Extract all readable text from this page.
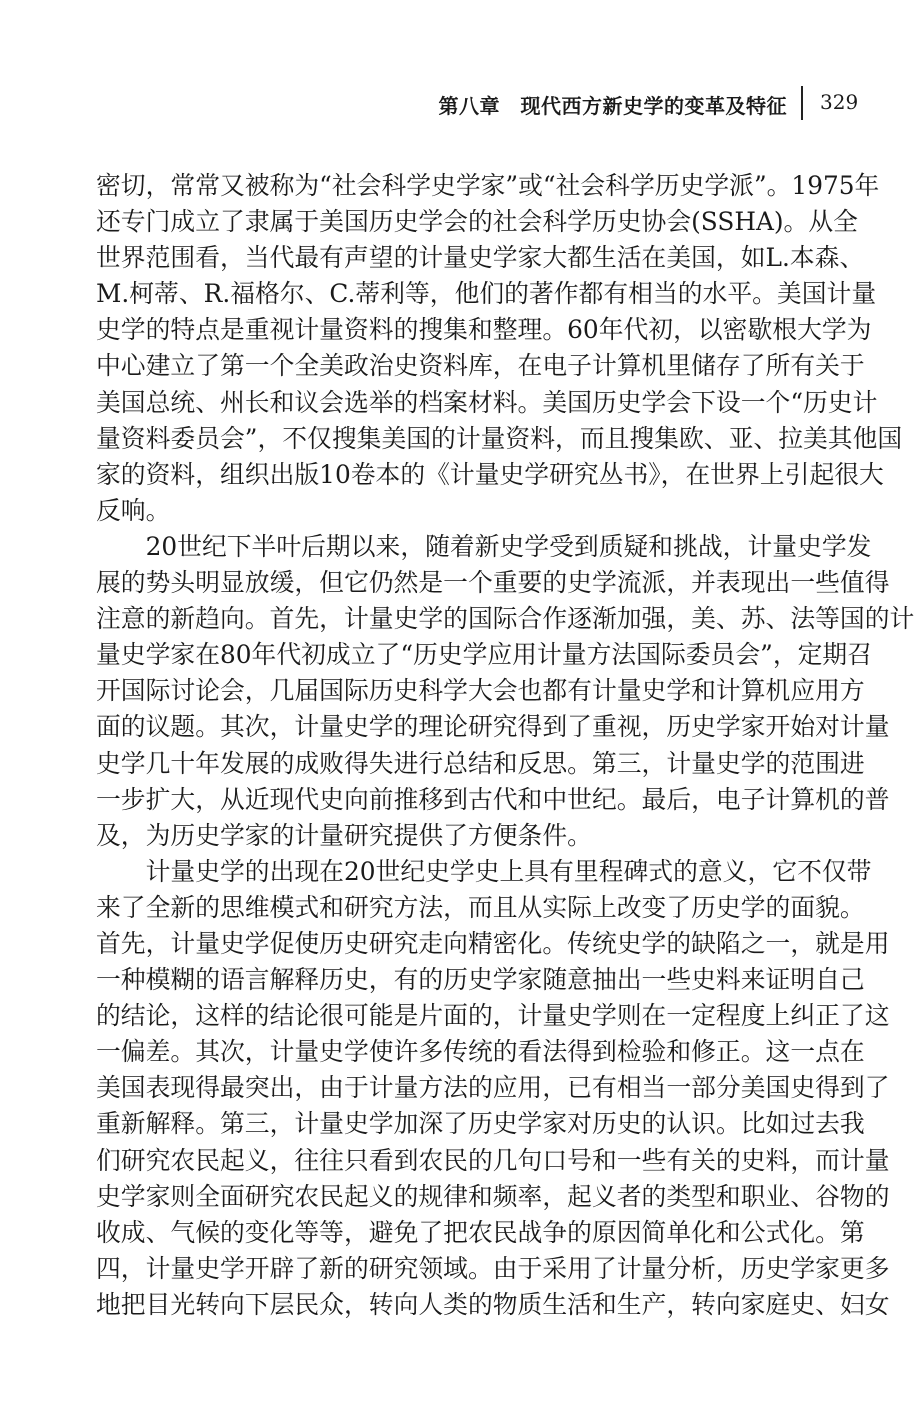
第八章　现代西方新史学的变革及特征 329
密切，常常又被称为“社会科学史学家”或“社会科学历史学派”。1975年
还专门成立了隶属于美国历史学会的社会科学历史协会(SSHA)。从全
世界范围看，当代最有声望的计量史学家大都生活在美国，如L.本森、
M.柯蒂、R.福格尔、C.蒂利等，他们的著作都有相当的水平。美国计量
史学的特点是重视计量资料的搜集和整理。60年代初，以密歇根大学为
中心建立了第一个全美政治史资料库，在电子计算机里储存了所有关于
美国总统、州长和议会选举的档案材料。美国历史学会下设一个“历史计
量资料委员会”，不仅搜集美国的计量资料，而且搜集欧、亚、拉美其他国
家的资料，组织出版10卷本的《计量史学研究丛书》，在世界上引起很大
反响。
20世纪下半叶后期以来，随着新史学受到质疑和挑战，计量史学发
展的势头明显放缓，但它仍然是一个重要的史学流派，并表现出一些值得
注意的新趋向。首先，计量史学的国际合作逐渐加强，美、苏、法等国的计
量史学家在80年代初成立了“历史学应用计量方法国际委员会”，定期召
开国际讨论会，几届国际历史科学大会也都有计量史学和计算机应用方
面的议题。其次，计量史学的理论研究得到了重视，历史学家开始对计量
史学几十年发展的成败得失进行总结和反思。第三，计量史学的范围进
一步扩大，从近现代史向前推移到古代和中世纪。最后，电子计算机的普
及，为历史学家的计量研究提供了方便条件。
计量史学的出现在20世纪史学史上具有里程碑式的意义，它不仅带
来了全新的思维模式和研究方法，而且从实际上改变了历史学的面貌。
首先，计量史学促使历史研究走向精密化。传统史学的缺陷之一，就是用
一种模糊的语言解释历史，有的历史学家随意抽出一些史料来证明自己
的结论，这样的结论很可能是片面的，计量史学则在一定程度上纠正了这
一偏差。其次，计量史学使许多传统的看法得到检验和修正。这一点在
美国表现得最突出，由于计量方法的应用，已有相当一部分美国史得到了
重新解释。第三，计量史学加深了历史学家对历史的认识。比如过去我
们研究农民起义，往往只看到农民的几句口号和一些有关的史料，而计量
史学家则全面研究农民起义的规律和频率，起义者的类型和职业、谷物的
收成、气候的变化等等，避免了把农民战争的原因简单化和公式化。第
四，计量史学开辟了新的研究领域。由于采用了计量分析，历史学家更多
地把目光转向下层民众，转向人类的物质生活和生产，转向家庭史、妇女
